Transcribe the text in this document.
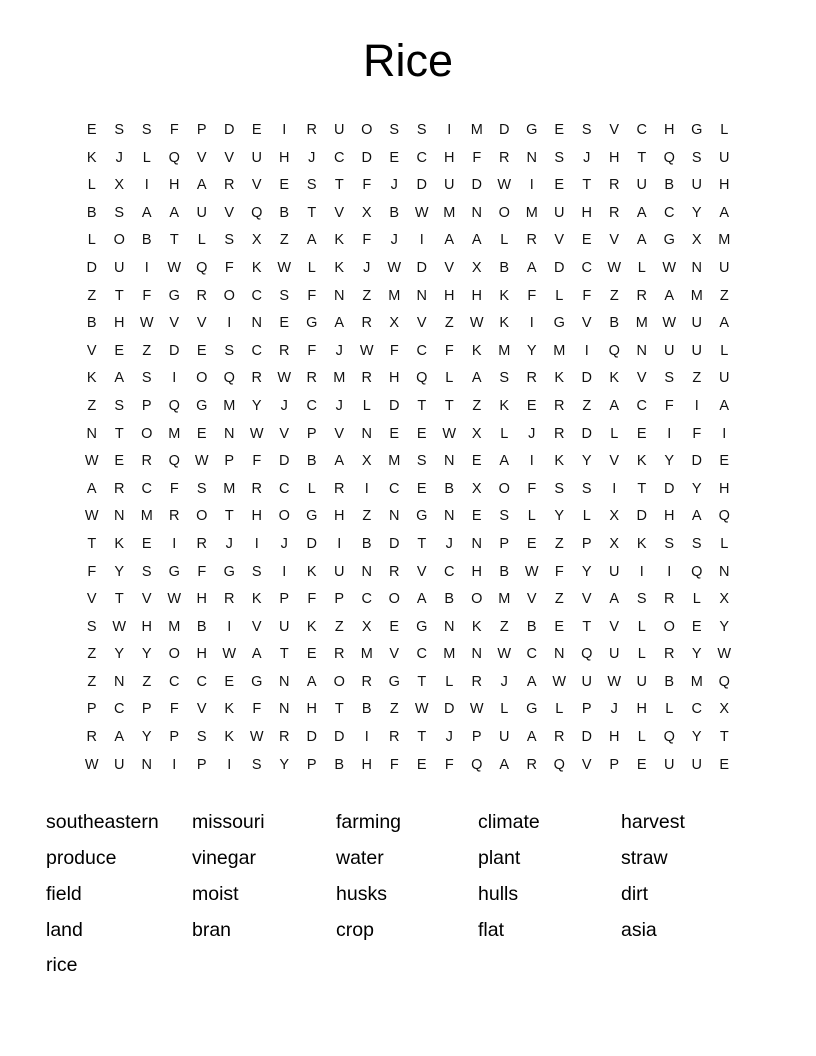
Rice
E	S	S	F	P	D	E	I	R	U	O	S	S	I	M	D	G	E	S	V	C	H	G	L
K	J	L	Q	V	V	U	H	J	C	D	E	C	H	F	R	N	S	J	H	T	Q	S	U
L	X	I	H	A	R	V	E	S	T	F	J	D	U	D	W	I	E	T	R	U	B	U	H
B	S	A	A	U	V	Q	B	T	V	X	B	W	M	N	O	M	U	H	R	A	C	Y	A
L	O	B	T	L	S	X	Z	A	K	F	J	I	A	A	L	R	V	E	V	A	G	X	M
D	U	I	W	Q	F	K	W	L	K	J	W	D	V	X	B	A	D	C	W	L	W	N	U
Z	T	F	G	R	O	C	S	F	N	Z	M	N	H	H	K	F	L	F	Z	R	A	M	Z
B	H	W	V	V	I	N	E	G	A	R	X	V	Z	W	K	I	G	V	B	M	W	U	A
V	E	Z	D	E	S	C	R	F	J	W	F	C	F	K	M	Y	M	I	Q	N	U	U	L
K	A	S	I	O	Q	R	W	R	M	R	H	Q	L	A	S	R	K	D	K	V	S	Z	U
Z	S	P	Q	G	M	Y	J	C	J	L	D	T	T	Z	K	E	R	Z	A	C	F	I	A
N	T	O	M	E	N	W	V	P	V	N	E	E	W	X	L	J	R	D	L	E	I	F	I
W	E	R	Q	W	P	F	D	B	A	X	M	S	N	E	A	I	K	Y	V	K	Y	D	E
A	R	C	F	S	M	R	C	L	R	I	C	E	B	X	O	F	S	S	I	T	D	Y	H
W	N	M	R	O	T	H	O	G	H	Z	N	G	N	E	S	L	Y	L	X	D	H	A	Q
T	K	E	I	R	J	I	J	D	I	B	D	T	J	N	P	E	Z	P	X	K	S	S	L
F	Y	S	G	F	G	S	I	K	U	N	R	V	C	H	B	W	F	Y	U	I	I	Q	N
V	T	V	W	H	R	K	P	F	P	C	O	A	B	O	M	V	Z	V	A	S	R	L	X
S	W	H	M	B	I	V	U	K	Z	X	E	G	N	K	Z	B	E	T	V	L	O	E	Y
Z	Y	Y	O	H	W	A	T	E	R	M	V	C	M	N	W	C	N	Q	U	L	R	Y	W
Z	N	Z	C	C	E	G	N	A	O	R	G	T	L	R	J	A	W	U	W	U	B	M	Q
P	C	P	F	V	K	F	N	H	T	B	Z	W	D	W	L	G	L	P	J	H	L	C	X
R	A	Y	P	S	K	W	R	D	D	I	R	T	J	P	U	A	R	D	H	L	Q	Y	T
W	U	N	I	P	I	S	Y	P	B	H	F	E	F	Q	A	R	Q	V	P	E	U	U	E
southeastern	missouri	farming	climate	harvest
produce	vinegar	water	plant	straw
field	moist	husks	hulls	dirt
land	bran	crop	flat	asia
rice
